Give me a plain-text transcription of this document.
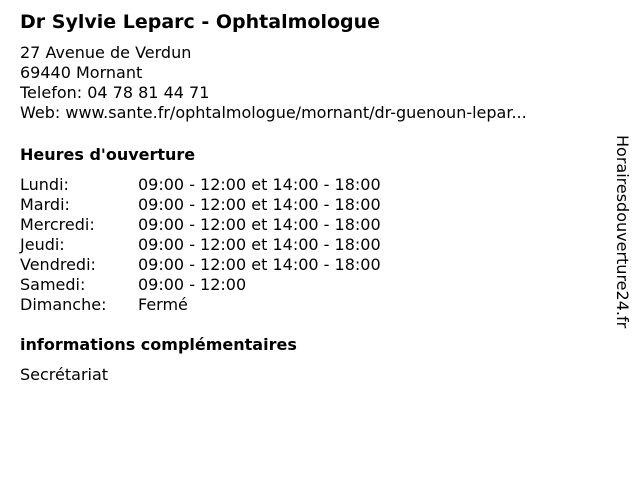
Dr Sylvie Leparc - Ophtalmologue
27 Avenue de Verdun
69440 Mornant
Telefon: 04 78 81 44 71
Web: www.sante.fr/ophtalmologue/mornant/dr-guenoun-lepar...
Heures d'ouverture
Lundi:	09:00 - 12:00 et 14:00 - 18:00
Mardi:	09:00 - 12:00 et 14:00 - 18:00
Mercredi:	09:00 - 12:00 et 14:00 - 18:00
Jeudi:	09:00 - 12:00 et 14:00 - 18:00
Vendredi:	09:00 - 12:00 et 14:00 - 18:00
Samedi:	09:00 - 12:00
Dimanche:	Fermé
informations complémentaires
Secrétariat
Horairesdouverture24.fr
